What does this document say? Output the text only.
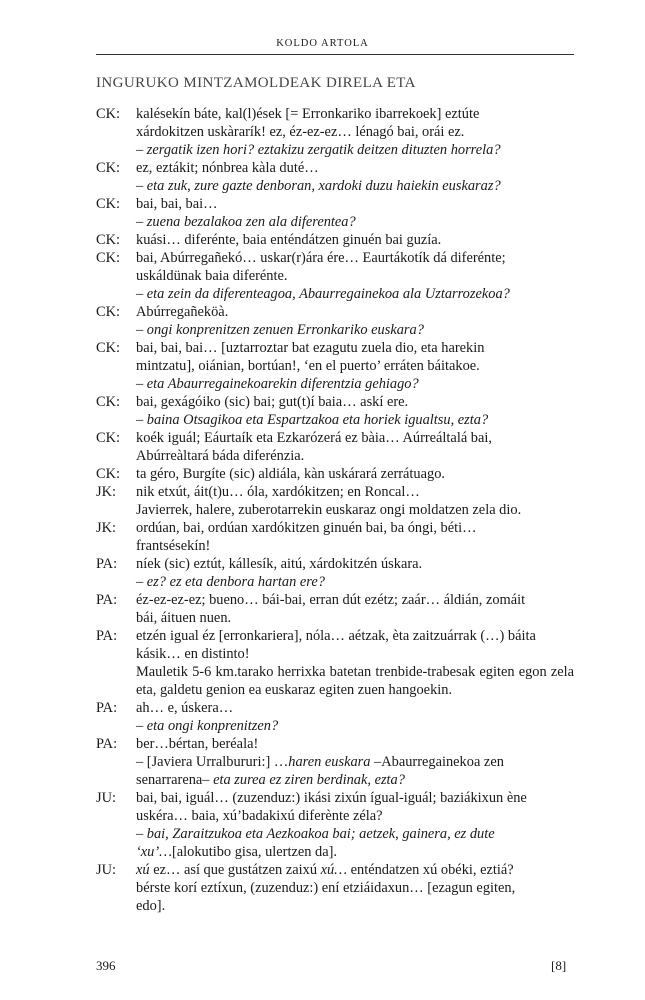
KOLDO ARTOLA
INGURUKO MINTZAMOLDEAK DIRELA ETA
CK:	kalésekín báte, kal(l)ések [= Erronkariko ibarrekoek] eztúte
xárdokitzen uskàrarík! ez, éz-ez-ez… lénagó bai, orái ez.
– zergatik izen hori? eztakizu zergatik deitzen dituzten horrela?
CK:	ez, eztákit; nónbrea kàla duté…
– eta zuk, zure gazte denboran, xardoki duzu haiekin euskaraz?
CK:	bai, bai, bai…
– zuena bezalakoa zen ala diferentea?
CK:	kuási… diferénte, baia enténdátzen ginuén bai guzía.
CK:	bai, Abúrregañekó… uskar(r)ára ére… Eaurtákotík dá diferénte;
uskáldünak baia diferénte.
– eta zein da diferenteagoa, Abaurregainekoa ala Uztarrozekoa?
CK:	Abúrregañeköà.
– ongi konprenitzen zenuen Erronkariko euskara?
CK:	bai, bai, bai… [uztarroztar bat ezagutu zuela dio, eta harekin
mintzatu], oiánian, bortúan!, ‘en el puerto’ erráten báitakoe.
– eta Abaurregainekoarekin diferentzia gehiago?
CK:	bai, gexágóiko (sic) bai; gut(t)í baia… askí ere.
– baina Otsagikoa eta Espartzakoa eta horiek igualtsu, ezta?
CK:	koék iguál; Eáurtaík eta Ezkarózerá ez bàia… Aúrreáltalá bai,
Abúrreàltará báda diferénzia.
CK:	ta géro, Burgíte (sic) aldiála, kàn uskárará zerrátuago.
JK:	nik etxút, áit(t)u… óla, xardókitzen; en Roncal…
Javierrek, halere, zuberotarrekin euskaraz ongi moldatzen zela dio.
JK:	ordúan, bai, ordúan xardókitzen ginuén bai, ba óngi, béti…
frantsésekín!
PA:	níek (sic) eztút, kállesík, aitú, xárdokitzén úskara.
– ez? ez eta denbora hartan ere?
PA:	éz-ez-ez-ez; bueno… bái-bai, erran dút ezétz; zaár… áldián, zomáit
bái, áituen nuen.
PA:	etzén igual éz [erronkariera], nóla… aétzak, èta zaitzuárrak (…) báita
kásik… en distinto!
Mauletik 5-6 km.tarako herrixka batetan trenbide-trabesak egiten egon zela eta, galdetu genion ea euskaraz egiten zuen hangoekin.
PA:	ah… e, úskera…
– eta ongi konprenitzen?
PA:	ber…bértan, beréala!
– [Javiera Urralbururi:] …haren euskara –Abaurregainekoa zen
senarrarena– eta zurea ez ziren berdinak, ezta?
JU:	bai, bai, iguál… (zuzenduz:) ikási zixún ígual-iguál; baziákixun ène
uskéra… baia, xú’badakixú diferènte zéla?
– bai, Zaraitzukoa eta Aezkoakoa bai; aetzek, gainera, ez dute
‘xu’…[alokutibo gisa, ulertzen da].
JU:	xú ez… así que gustátzen zaixú xú… enténdatzen xú obéki, eztiá?
bérste korí eztíxun, (zuzenduz:) ení etziáidaxun… [ezagun egiten,
edo].
396	[8]
